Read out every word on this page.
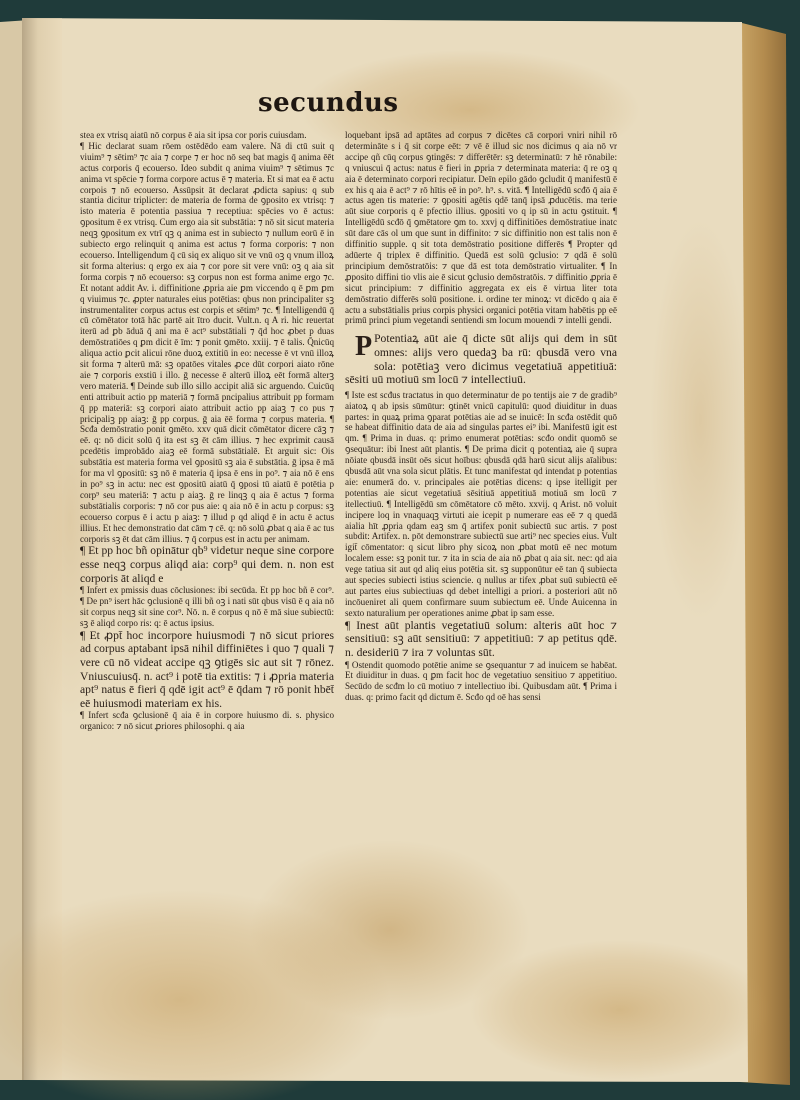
secundus

stea ex vtrisq aiatū nō corpus ē aia sit ipsa cor poris cuiusdam.

¶ Hic declarat suam rōem ostēdēdo eam valere. Nā di ctū suit q viuim⁹ ⁊ sētim⁹ ⁊c aia ⁊ corpe ⁊ er hoc nō seq bat magis q̄ anima ēēt actus corporis q̄ ecouerso. Ideo subdit q anima viuim⁹ ⁊ sētimus ⁊c anima vt spēcie ⁊ forma corpore actus ē ⁊ materia. Et si mat ea ē actu corpois ⁊ nō ecouerso. Assūpsit āt declarat ꝓdicta sapius: q sub stantia dicitur triplicter: de materia de forma de ꝯposito ex vtrisq: ⁊ isto materia ē potentia passiua ⁊ receptiua: spēcies vo ē actus: ꝯpositum ē ex vtrisq. Cum ergo aia sit substātia: ⁊ nō sit sicut materia neqꝫ ꝯpositum ex vtrī qꝫ q anima est in subiecto ⁊ nullum eorū ē in subiecto ergo relinquit q anima est actus ⁊ forma corporis: ⁊ non ecouerso. Intelligendum q̄ cū siq ex aliquo sit ve vnū oꝫ q vnum illoꝝ sit forma alterius: q ergo ex aia ⁊ cor pore sit vere vnū: oꝫ q aia sit forma corpis ⁊ nō ecouerso: sꝫ corpus non est forma anime ergo ⁊c. Et notant addit Av. i. diffinitione ꝓpria aie ꝑm viccendo q ē ꝑm ꝑm q viuimus ⁊c. ꝓpter naturales eius potētias: qbus non principaliter sꝫ instrumentaliter corpus actus est corpis et sētim⁹ ⁊c. ¶ Intelligendū q̄ cū cōmētator totā hāc partē ait ītro ducit. Vult.n. q A ri. hic reuertat iterū ad ꝑb āduā q̄ ani ma ē act⁹ substātiali ⁊ q̄d hoc ꝓbet p duas demōstratiōes q ꝑm dicit ē īm: ⁊ ponit ꝯmēto. xxiij. ⁊ ē talis. Q̄nicūq aliqua actio ꝑcit alicui rōne duoꝝ extitiū in eo: necesse ē vt vnū illoꝝ sit forma ⁊ alterū mā: sꝫ opatōes vitales ꝓce dūt corpori aiato rōne aie ⁊ corporis exstiū i illo. ḡ necesse ē alterū illoꝝ eēt formā alterꝫ vero materiā. ¶ Deinde sub illo sillo accipit aliā sic arguendo. Cuicūq enti attribuit actio pp materiā ⁊ formā pncipalius attribuit pp formam q̄ pp materiā: sꝫ corpori aiato attribuit actio pp aiaꝫ ⁊ co pus ⁊ pricipaliꝫ pp aiaꝫ: ḡ pp corpus. ḡ aia ēē forma ⁊ corpus materia. ¶ Scđa demōstratio ponit ꝯmēto. xxv quā dicit cōmētator dicere cāꝫ ⁊ eē. q: nō dicit solū q̄ ita est sꝫ ēt cām illius. ⁊ hec exprimit causā pcedētis improbādo aiaꝫ eē formā substātialē. Et arguit sic: Ois substātia est materia forma vel ꝯpositū sꝫ aia ē substātia. ḡ ipsa ē mā for ma vl ꝯpositū: sꝫ nō ē materia q̄ ipsa ē ens in po⁹. ⁊ aia nō ē ens in po⁹ sꝫ in actu: nec est ꝯpositū aiatū q̄ ꝯposi tū aiatū ē potētia p corp⁹ seu materiā: ⁊ actu p aiaꝫ. ḡ re linqꝫ q aia ē actus ⁊ forma substātialis corporis: ⁊ nō cor pus aie: q aia nō ē in actu p corpus: sꝫ ecouerso corpus ē i actu p aiaꝫ: ⁊ illud p qd aliqd ē in actu ē actus illius. Et hec demonstratio dat cām ⁊ cē. q: nō solū ꝓbat q aia ē ac tus corporis sꝫ ēt dat cām illius. ⁊ q̄ corpus est in actu per animam.

¶ Et pp hoc bñ opinātur qb⁹ videtur neque sine corpore esse neqꝫ corpus aliqd aia: corp⁹ qui dem. n. non est corporis āt aliqd e

¶ Infert ex pmissis duas cōclusiones: ibi secūda. Et pp hoc bñ ē cor⁹. ¶ De pn⁹ isert hāc ꝯclusionē q illi bñ oꝫ i nati sūt qbus visū ē q aia nō sit corpus neqꝫ sit sine cor⁹. Nō. n. ē corpus q nō ē mā siue subiectū: sꝫ ē aliqd corpo ris: q: ē actus ipsius.

¶ Et ꝓpt̄ hoc incorpore huiusmodi ⁊ nō sicut priores ad corpus aptabant ipsā nihil diffiniētes i quo ⁊ quali ⁊ vere cū nō videat accipe qꝫ ꝯtigēs sic aut sit ⁊ rōnez. Vniuscuiusq̄. n. act⁹ i potē tia extitis: ⁊ i ꝓpria materia apt⁹ natus ē fieri q̄ qdē igit act⁹ ē q̄dam ⁊ rō ponit hbēt̄ eē huiusmodi materiam ex his.

¶ Infert scđa ꝯclusionē q̄ aia ē in corpore huiusmo di. s. physico organico: ⁊ nō sicut ꝓriores philosophi. q aia

loquebant ipsā ad aptātes ad corpus ⁊ dicētes cā corpori vniri nihil rō determināte s i q̄ sit corpe eēt: ⁊ vē ē illud sic nos dicimus q aia nō vr accipe qñ cūq corpus ꝯtingēs: ⁊ differētēr: sꝫ determinatū: ⁊ hē rōnabile: q vniuscui q̄ actus: natus ē fieri in ꝓpria ⁊ determinata materia: q̄ re oꝫ q aia ē determinato corpori recipiatur. Deīn epilo gādo ꝯcludit q̄ manifestū ē ex his q aia ē act⁹ ⁊ rō hītis eē in po⁹. h⁹. s. vitā. ¶ Intelligēdū scđō q̄ aia ē actus agen tis materie: ⁊ ꝯpositi agētis qdē tanq̄ ipsā ꝓducētis. ma terie aūt siue corporis q ē pfectio illius. ꝯpositi vo q ip sū in actu ꝯstituit. ¶ Intelligēdū scđō q̄ ꝯmētatore ꝯm to. xxvj q diffinitiōes demōstratiue inatc sūt dare cās ol um que sunt in diffinito: ⁊ sic diffinitio non est talis non ē diffinitio supple. q sit tota demōstratio positione differēs ¶ Propter qd adūerte q̄ triplex ē diffinitio. Quedā est solū ꝯclusio: ⁊ qdā ē solū principium demōstratōis: ⁊ que dā est tota demōstratio virtualiter. ¶ In ꝓposito diffini tio vlis aie ē sicut ꝯclusio demōstratōis. ⁊ diffinitio ꝓpria ē sicut principium: ⁊ diffinitio aggregata ex eis ē virtua liter tota demōstratio differēs solū positione. i. ordine ter minoꝝ: vt dicēdo q aia ē actu a substātialis prius corpis physici organici potētia vitam habētis pp eē primū princi pium vegetandi sentiendi sm locum mouendi ⁊ intelli gendi.

P Potentiaꝝ aūt aie q̄ dicte sūt alijs qui dem in sūt omnes: alijs vero quedaꝫ ba rū: qbusdā vero vna sola: potētiaꝫ vero dicimus vegetatiuā appetitiuā: sēsiti uū motiuū sm locū ⁊ intellectiuū.

¶ Iste est scđus tractatus in quo determinatur de po tentijs aie ⁊ de gradib⁹ aiatoꝝ q ab ipsis sūmūtur: ꝯtinēt vnicū capitulū: quod diuiditur in duas partes: in quaꝝ prima ꝯparat potētias aie ad se inuicē: In scđa ostēdit quō se habeat diffinitio data de aia ad singulas partes ei⁹ ibi. Manifestū igit est qm. ¶ Prima in duas. q: primo enumerat potētias: scđo ondit quomō se ꝯsequātur: ibi Inest aūt plantis. ¶ De prima dicit q potentiaꝝ aie q̄ supra nōiate qbusdā insūt oēs sicut hoībus: qbusdā qdā harū sicut alijs aīalibus: qbusdā aūt vna sola sicut plātis. Et tunc manifestat qd intendat p potentias aie: enumerā do. v. principales aie potētias dicens: q ipse itelligit per potentias aie sicut vegetatiuā sēsitiuā appetitiuā motiuā sm locū ⁊ itellectiuū. ¶ Intelligēdū sm cōmētatore cō mēto. xxvij. q Arist. nō voluit incipere loq in vnaquaqꝫ virtuti aie icepit p numerare eas eē ⁊ q quedā aialia hīt ꝓpria qdam eaꝫ sm q̄ artifex ponit subiectū suc artis. ⁊ post subdit: Artifex. n. pōt demonstrare subiectū sue arti⁹ nec species eius. Vult igit̄ cōmentator: q sicut libro phy sicoꝝ non ꝓbat motū eē nec motum localem esse: sꝫ ponit tur. ⁊ ita in scia de aia nō ꝓbat q aia sit. nec: qd aia vege tatiua sit aut qd aliq eius potētia sit. sꝫ supponūtur eē tan q̄ subiecta aut species subiecti istius sciencie. q nullus ar tifex ꝓbat suū subiectū eē aut partes eius subiectiuas qd debet intelligi a priori. a posteriori aūt nō incōueniret ali quem confirmare suum subiectum eē. Unde Auicenna in sexto naturalium per operationes anime ꝓbat ip sam esse.

¶ Inest aūt plantis vegetatiuū solum: alteris aūt hoc ⁊ sensitiuū: sꝫ aūt sensitiuū: ⁊ appetitiuū: ⁊ ap petitus qdē. n. desideriū ⁊ ira ⁊ voluntas sūt.

¶ Ostendit quomodo potētie anime se ꝯsequantur ⁊ ad inuicem se habēat. Et diuiditur in duas. q ꝑm facit hoc de vegetatiuo sensitiuo ⁊ appetitiuo. Secūdo de scđm lo cū motiuo ⁊ intellectiuo ibi. Quibusdam aūt. ¶ Prima i duas. q: primo facit qd dictum ē. Scđo qd oē has sensi
